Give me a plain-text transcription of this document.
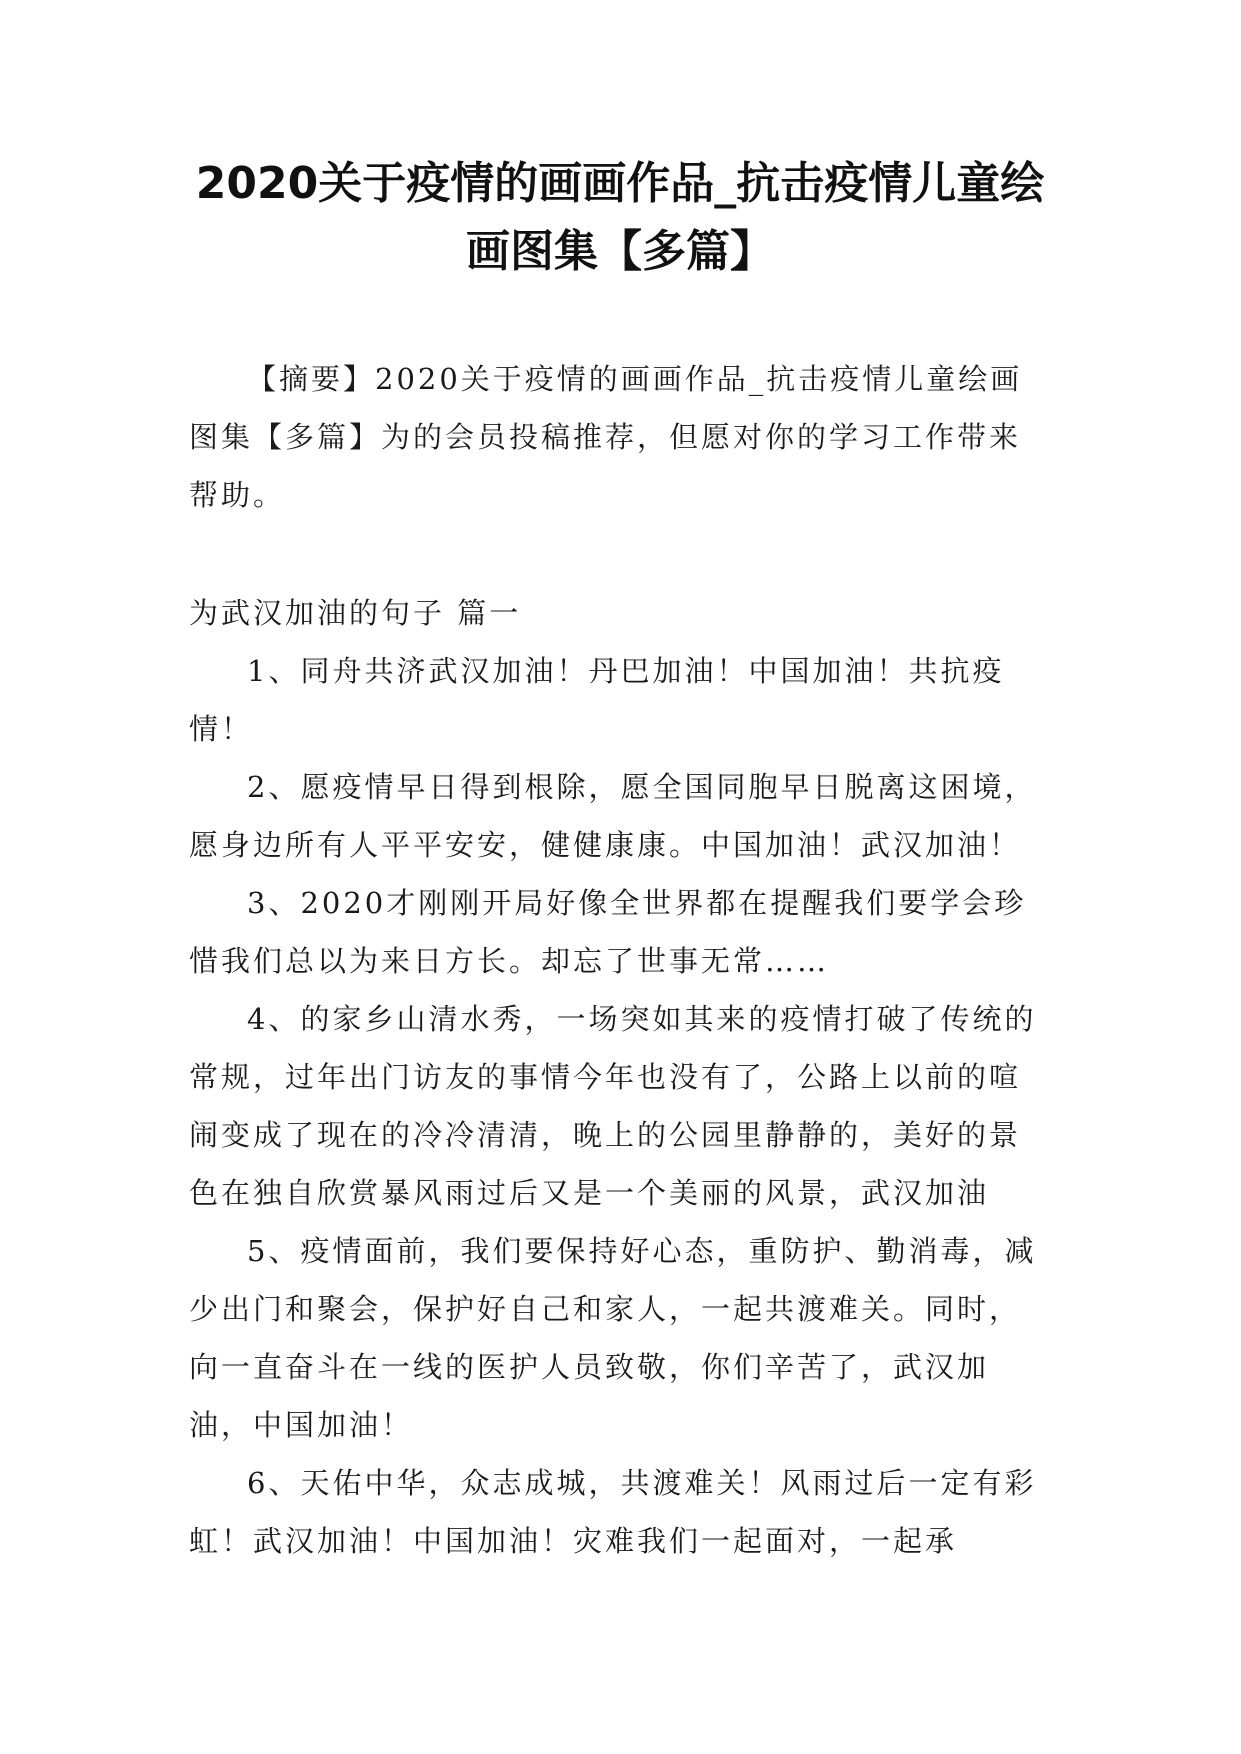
2020关于疫情的画画作品_抗击疫情儿童绘
画图集【多篇】

【摘要】2020关于疫情的画画作品_抗击疫情儿童绘画图集【多篇】为的会员投稿推荐，但愿对你的学习工作带来帮助。

为武汉加油的句子 篇一

1、同舟共济武汉加油！丹巴加油！中国加油！共抗疫情！
2、愿疫情早日得到根除，愿全国同胞早日脱离这困境，愿身边所有人平平安安，健健康康。中国加油！武汉加油！
3、2020才刚刚开局好像全世界都在提醒我们要学会珍惜我们总以为来日方长。却忘了世事无常……
4、的家乡山清水秀，一场突如其来的疫情打破了传统的常规，过年出门访友的事情今年也没有了，公路上以前的喧闹变成了现在的冷冷清清，晚上的公园里静静的，美好的景色在独自欣赏暴风雨过后又是一个美丽的风景，武汉加油
5、疫情面前，我们要保持好心态，重防护、勤消毒，减少出门和聚会，保护好自己和家人，一起共渡难关。同时，向一直奋斗在一线的医护人员致敬，你们辛苦了，武汉加油，中国加油！
6、天佑中华，众志成城，共渡难关！风雨过后一定有彩虹！武汉加油！中国加油！灾难我们一起面对，一起承
